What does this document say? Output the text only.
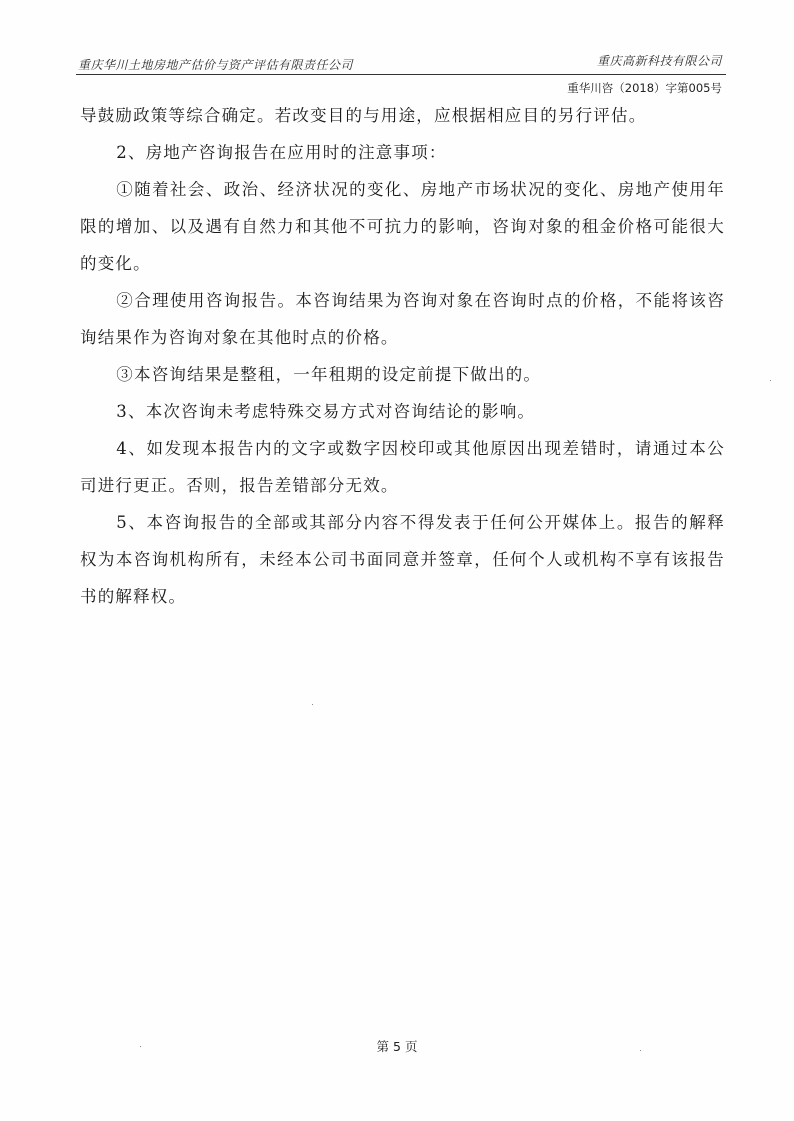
重庆华川土地房地产估价与资产评估有限责任公司	重庆高新科技有限公司
重华川咨（2018）字第005号

导鼓励政策等综合确定。若改变目的与用途，应根据相应目的另行评估。

2、房地产咨询报告在应用时的注意事项：

①随着社会、政治、经济状况的变化、房地产市场状况的变化、房地产使用年限的增加、以及遇有自然力和其他不可抗力的影响，咨询对象的租金价格可能很大的变化。

②合理使用咨询报告。本咨询结果为咨询对象在咨询时点的价格，不能将该咨询结果作为咨询对象在其他时点的价格。

③本咨询结果是整租，一年租期的设定前提下做出的。

3、本次咨询未考虑特殊交易方式对咨询结论的影响。

4、如发现本报告内的文字或数字因校印或其他原因出现差错时，请通过本公司进行更正。否则，报告差错部分无效。

5、本咨询报告的全部或其部分内容不得发表于任何公开媒体上。报告的解释权为本咨询机构所有，未经本公司书面同意并签章，任何个人或机构不享有该报告书的解释权。

第 5 页
